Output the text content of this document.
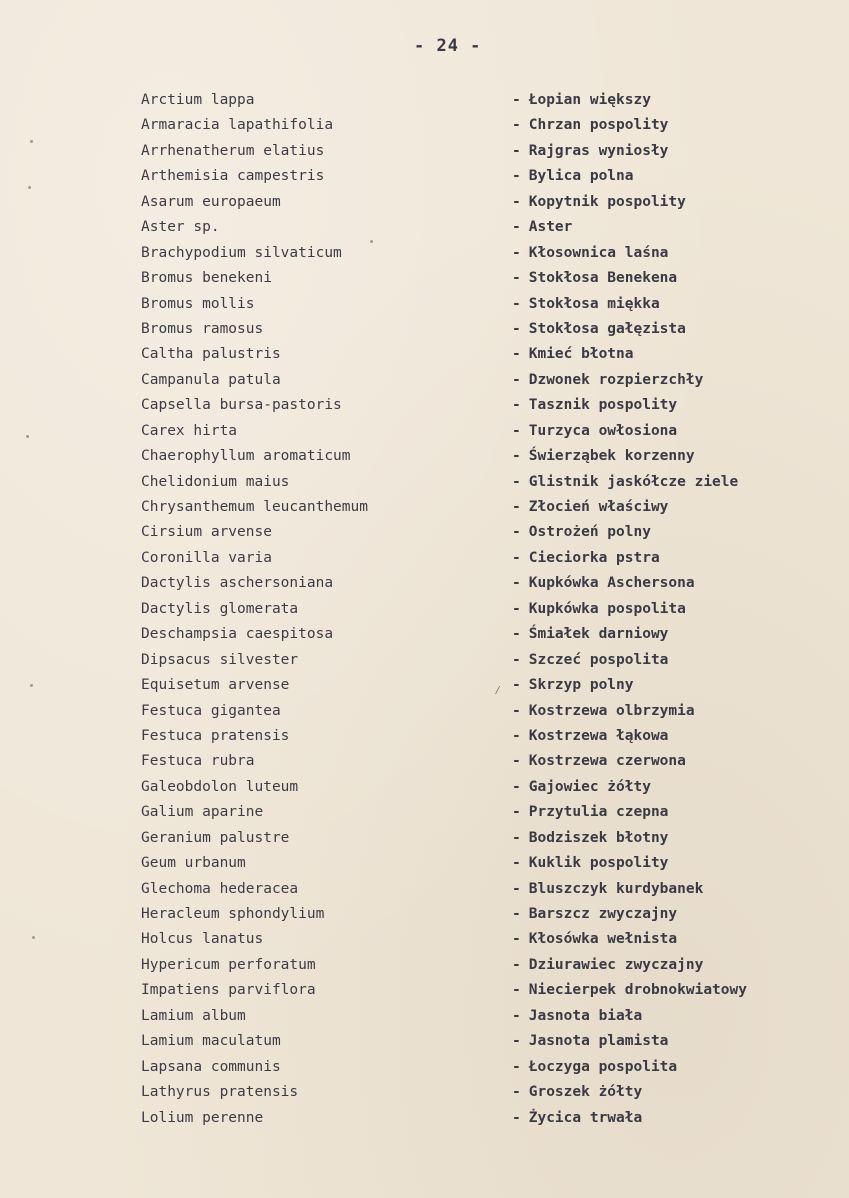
- 24 -
Arctium lappa	- Łopian większy
Armaracia lapathifolia	- Chrzan pospolity
Arrhenatherum elatius	- Rajgras wyniosły
Arthemisia campestris	- Bylica polna
Asarum europaeum	- Kopytnik pospolity
Aster sp.	- Aster
Brachypodium silvaticum	- Kłosownica laśna
Bromus benekeni	- Stokłosa Benekena
Bromus mollis	- Stokłosa miękka
Bromus ramosus	- Stokłosa gałęzista
Caltha palustris	- Kmieć błotna
Campanula patula	- Dzwonek rozpierzchły
Capsella bursa-pastoris	- Tasznik pospolity
Carex hirta	- Turzyca owłosiona
Chaerophyllum aromaticum	- Świerząbek korzenny
Chelidonium maius	- Glistnik jaskółcze ziele
Chrysanthemum leucanthemum	- Złocień właściwy
Cirsium arvense	- Ostrożeń polny
Coronilla varia	- Cieciorka pstra
Dactylis aschersoniana	- Kupkówka Aschersona
Dactylis glomerata	- Kupkówka pospolita
Deschampsia caespitosa	- Śmiałek darniowy
Dipsacus silvester	- Szczeć pospolita
Equisetum arvense	- Skrzyp polny
Festuca gigantea	- Kostrzewa olbrzymia
Festuca pratensis	- Kostrzewa łąkowa
Festuca rubra	- Kostrzewa czerwona
Galeobdolon luteum	- Gajowiec żółty
Galium aparine	- Przytulia czepna
Geranium palustre	- Bodziszek błotny
Geum urbanum	- Kuklik pospolity
Glechoma hederacea	- Bluszczyk kurdybanek
Heracleum sphondylium	- Barszcz zwyczajny
Holcus lanatus	- Kłosówka wełnista
Hypericum perforatum	- Dziurawiec zwyczajny
Impatiens parviflora	- Niecierpek drobnokwiatowy
Lamium album	- Jasnota biała
Lamium maculatum	- Jasnota plamista
Lapsana communis	- Łoczyga pospolita
Lathyrus pratensis	- Groszek żółty
Lolium perenne	- Życica trwała
⁄
